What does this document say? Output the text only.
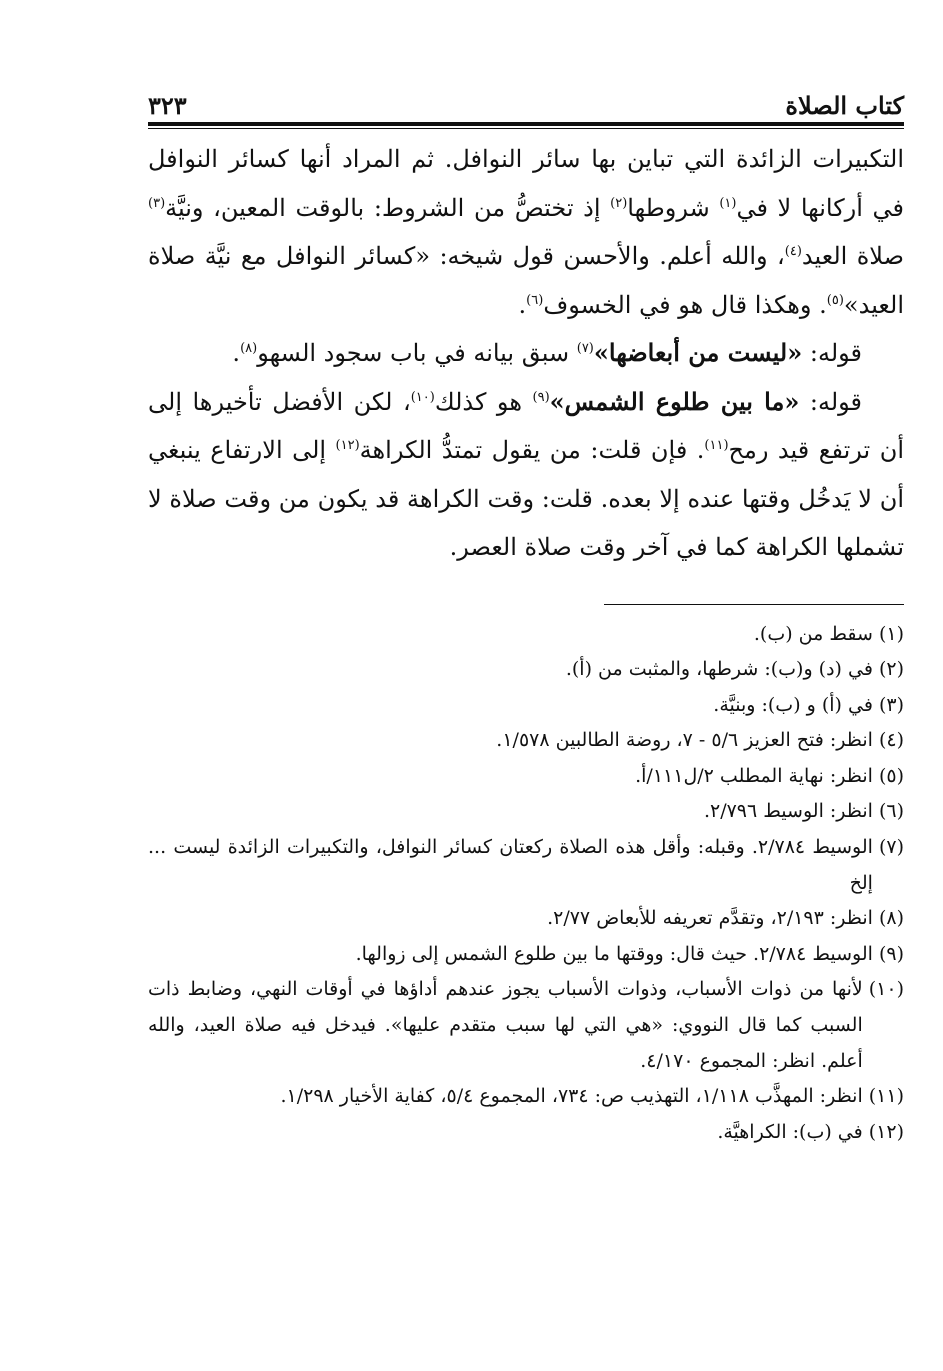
كتاب الصلاة
٣٢٣

التكبيرات الزائدة التي تباين بها سائر النوافل. ثم المراد أنها كسائر النوافل في أركانها لا في$^{(١)}$ شروطها$^{(٢)}$ إذ تختصُّ من الشروط: بالوقت المعين، ونيَّة$^{(٣)}$ صلاة العيد$^{(٤)}$، والله أعلم. والأحسن قول شيخه: «كسائر النوافل مع نيَّة صلاة العيد»$^{(٥)}$. وهكذا قال هو في الخسوف$^{(٦)}$.

قوله: «ليست من أبعاضها»$^{(٧)}$ سبق بيانه في باب سجود السهو$^{(٨)}$.

قوله: «ما بين طلوع الشمس»$^{(٩)}$ هو كذلك$^{(١٠)}$، لكن الأفضل تأخيرها إلى أن ترتفع قيد رمح$^{(١١)}$. فإن قلت: من يقول تمتدُّ الكراهة$^{(١٢)}$ إلى الارتفاع ينبغي أن لا يَدخُل وقتها عنده إلا بعده. قلت: وقت الكراهة قد يكون من وقت صلاة لا تشملها الكراهة كما في آخر وقت صلاة العصر.

(١)
سقط من (ب).
(٢)
في (د) و(ب): شرطها، والمثبت من (أ).
(٣)
في (أ) و (ب): وبنيَّة.
(٤)
انظر: فتح العزيز ٥/٦ - ٧، روضة الطالبين ١/٥٧٨.
(٥)
انظر: نهاية المطلب ٢/ل١١١/أ.
(٦)
انظر: الوسيط ٢/٧٩٦.
(٧)
الوسيط ٢/٧٨٤. وقبله: وأقل هذه الصلاة ركعتان كسائر النوافل، والتكبيرات الزائدة ليست ... إلخ
(٨)
انظر: ٢/١٩٣، وتقدَّم تعريفه للأبعاض ٢/٧٧.
(٩)
الوسيط ٢/٧٨٤. حيث قال: ووقتها ما بين طلوع الشمس إلى زوالها.
(١٠)
لأنها من ذوات الأسباب، وذوات الأسباب يجوز عندهم أداؤها في أوقات النهي، وضابط ذات السبب كما قال النووي: «هي التي لها سبب متقدم عليها». فيدخل فيه صلاة العيد، والله أعلم. انظر: المجموع ٤/١٧٠.
(١١)
انظر: المهذَّب ١/١١٨، التهذيب ص: ٧٣٤، المجموع ٥/٤، كفاية الأخيار ١/٢٩٨.
(١٢)
في (ب): الكراهيَّة.
